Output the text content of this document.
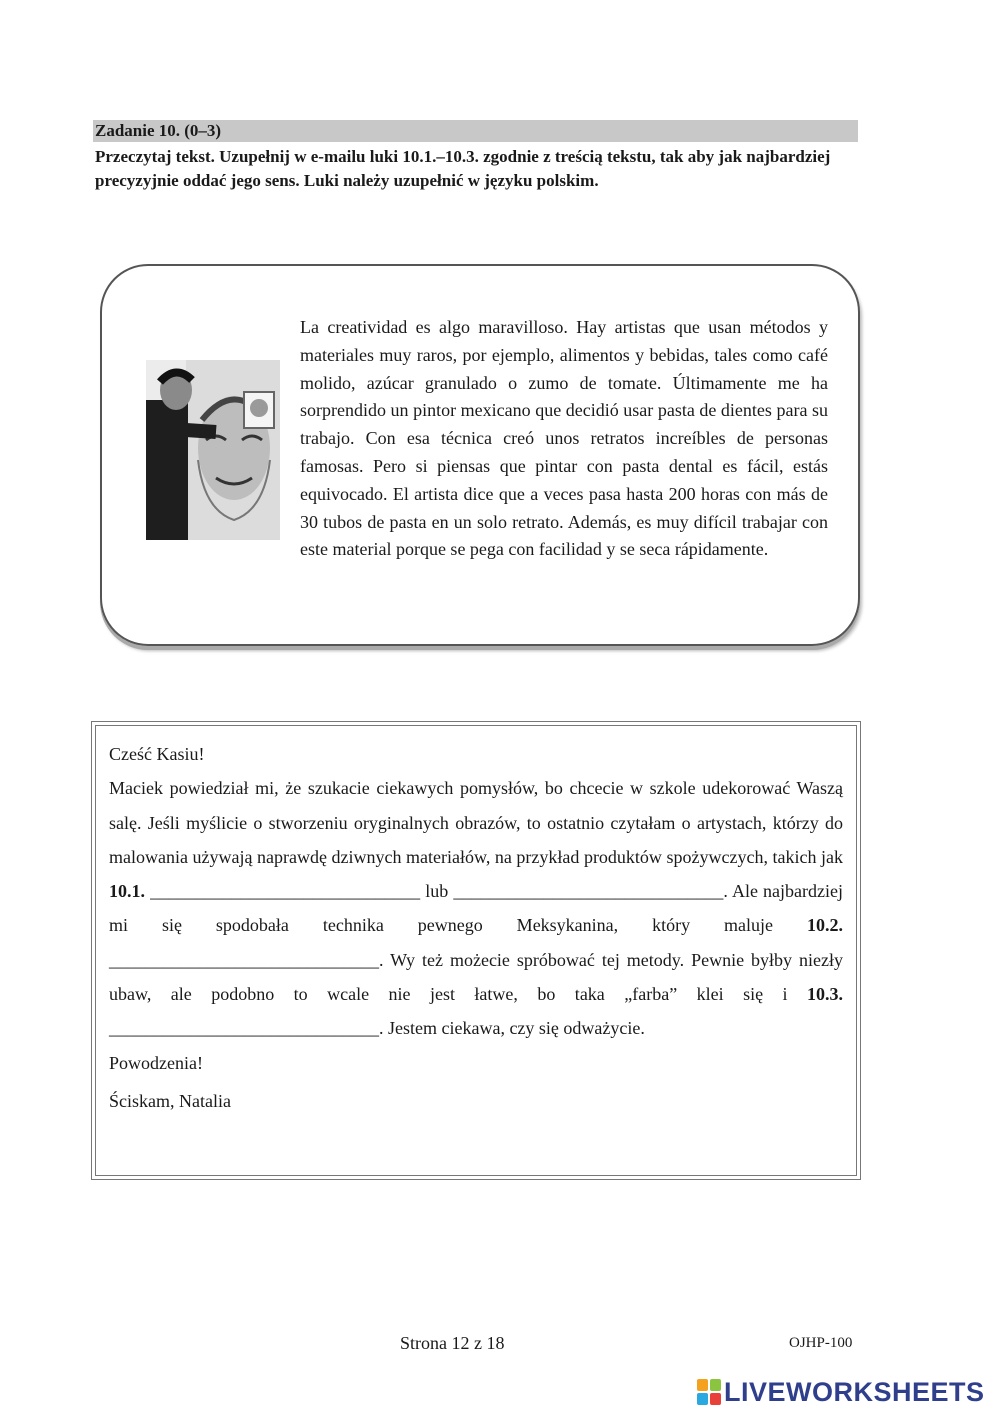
Zadanie 10. (0–3)
Przeczytaj tekst. Uzupełnij w e-mailu luki 10.1.–10.3. zgodnie z treścią tekstu, tak aby jak najbardziej precyzyjnie oddać jego sens. Luki należy uzupełnić w języku polskim.
La creatividad es algo maravilloso. Hay artistas que usan métodos y materiales muy raros, por ejemplo, alimentos y bebidas, tales como café molido, azúcar granulado o zumo de tomate. Últimamente me ha sorprendido un pintor mexicano que decidió usar pasta de dientes para su trabajo. Con esa técnica creó unos retratos increíbles de personas famosas. Pero si piensas que pintar con pasta dental es fácil, estás equivocado. El artista dice que a veces pasa hasta 200 horas con más de 30 tubos de pasta en un solo retrato. Además, es muy difícil trabajar con este material porque se pega con facilidad y se seca rápidamente.

Cześć Kasiu!

Maciek powiedział mi, że szukacie ciekawych pomysłów, bo chcecie w szkole udekorować Waszą salę. Jeśli myślicie o stworzeniu oryginalnych obrazów, to ostatnio czytałam o artystach, którzy do malowania używają naprawdę dziwnych materiałów, na przykład produktów spożywczych, takich jak 10.1. ______________________________ lub ______________________________. Ale najbardziej mi się spodobała technika pewnego Meksykanina, który maluje 10.2. ______________________________. Wy też możecie spróbować tej metody. Pewnie byłby niezły ubaw, ale podobno to wcale nie jest łatwe, bo taka „farba” klei się i 10.3. ______________________________. Jestem ciekawa, czy się odważycie.

Powodzenia!

Ściskam, Natalia

Strona 12 z 18	OJHP-100
LIVEWORKSHEETS
